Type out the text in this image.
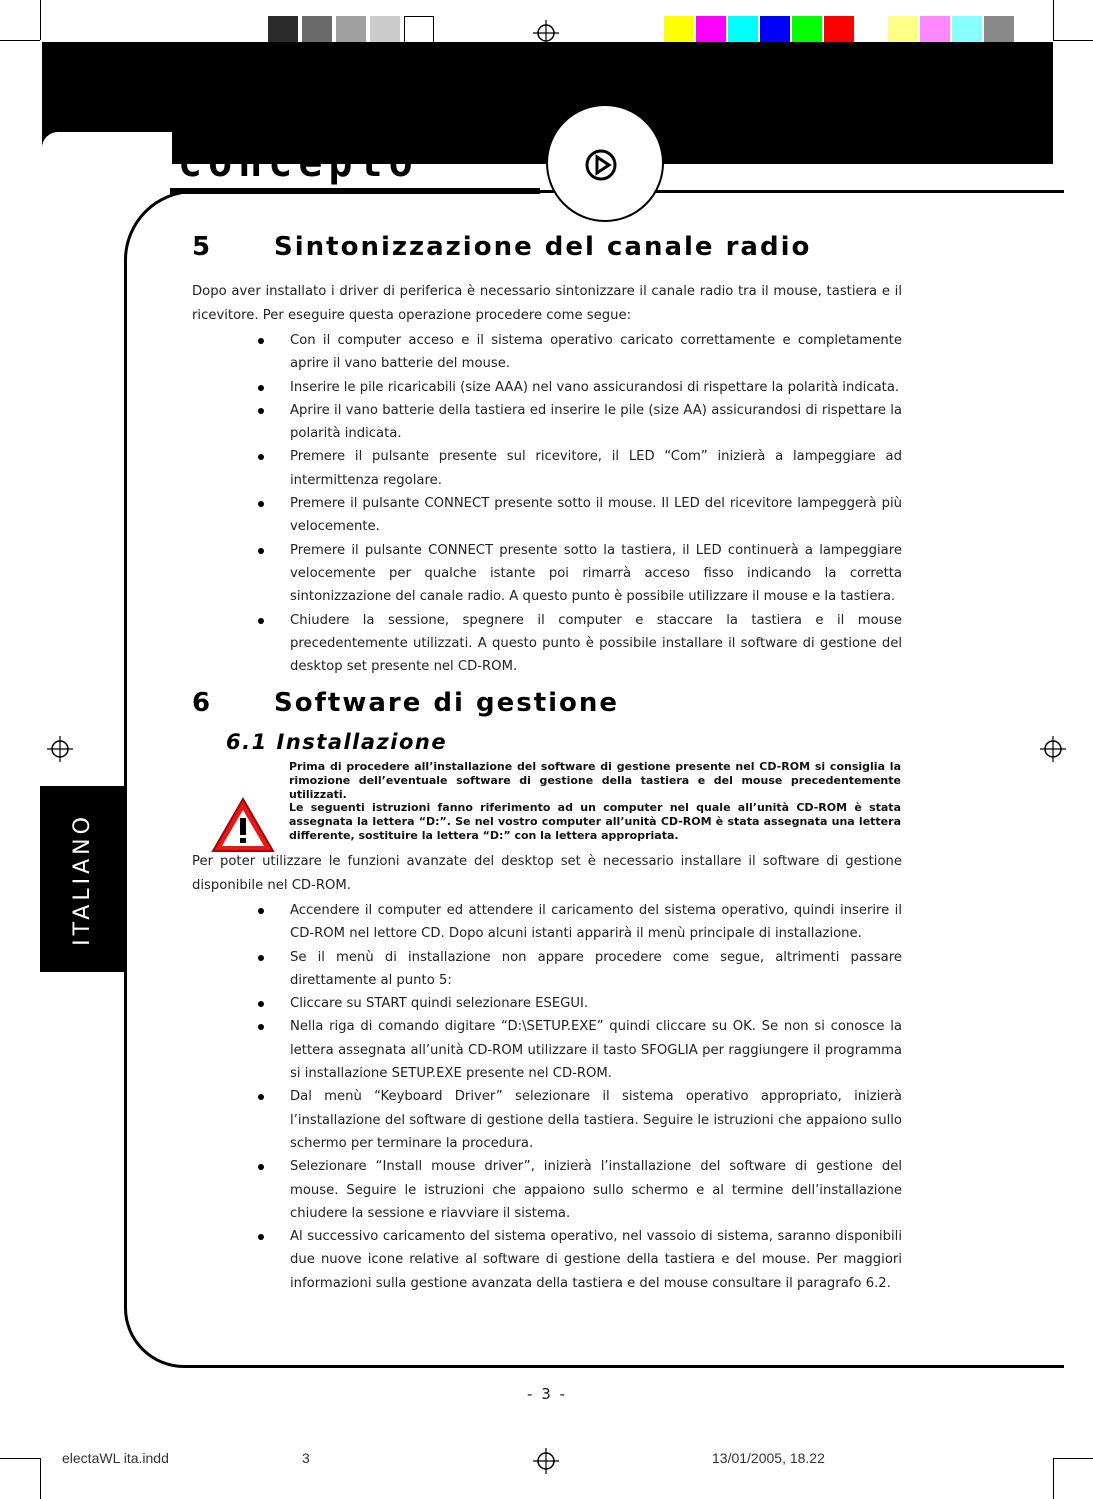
concepto
ITALIANO
5 Sintonizzazione del canale radio

Dopo aver installato i driver di periferica è necessario sintonizzare il canale radio tra il mouse, tastiera e il ricevitore. Per eseguire questa operazione procedere come segue:

Con il computer acceso e il sistema operativo caricato correttamente e completamente aprire il vano batterie del mouse.
Inserire le pile ricaricabili (size AAA) nel vano assicurandosi di rispettare la polarità indicata.
Aprire il vano batterie della tastiera ed inserire le pile (size AA) assicurandosi di rispettare la polarità indicata.
Premere il pulsante presente sul ricevitore, il LED “Com” inizierà a lampeggiare ad intermittenza regolare.
Premere il pulsante CONNECT presente sotto il mouse. Il LED del ricevitore lampeggerà più velocemente.
Premere il pulsante CONNECT presente sotto la tastiera, il LED continuerà a lampeggiare velocemente per qualche istante poi rimarrà acceso fisso indicando la corretta sintonizzazione del canale radio. A questo punto è possibile utilizzare il mouse e la tastiera.
Chiudere la sessione, spegnere il computer e staccare la tastiera e il mouse precedentemente utilizzati. A questo punto è possibile installare il software di gestione del desktop set presente nel CD-ROM.
6 Software di gestione
6.1 Installazione

Prima di procedere all’installazione del software di gestione presente nel CD-ROM si consiglia la rimozione dell’eventuale software di gestione della tastiera e del mouse precedentemente utilizzati.

Le seguenti istruzioni fanno riferimento ad un computer nel quale all’unità CD-ROM è stata assegnata la lettera “D:”. Se nel vostro computer all’unità CD-ROM è stata assegnata una lettera differente, sostituire la lettera “D:” con la lettera appropriata.

Per poter utilizzare le funzioni avanzate del desktop set è necessario installare il software di gestione disponibile nel CD-ROM.

Accendere il computer ed attendere il caricamento del sistema operativo, quindi inserire il CD-ROM nel lettore CD. Dopo alcuni istanti apparirà il menù principale di installazione.
Se il menù di installazione non appare procedere come segue, altrimenti passare direttamente al punto 5:
Cliccare su START quindi selezionare ESEGUI.
Nella riga di comando digitare “D:\SETUP.EXE” quindi cliccare su OK. Se non si conosce la lettera assegnata all’unità CD-ROM utilizzare il tasto SFOGLIA per raggiungere il programma si installazione SETUP.EXE presente nel CD-ROM.
Dal menù “Keyboard Driver” selezionare il sistema operativo appropriato, inizierà l’installazione del software di gestione della tastiera. Seguire le istruzioni che appaiono sullo schermo per terminare la procedura.
Selezionare “Install mouse driver”, inizierà l’installazione del software di gestione del mouse. Seguire le istruzioni che appaiono sullo schermo e al termine dell’installazione chiudere la sessione e riavviare il sistema.
Al successivo caricamento del sistema operativo, nel vassoio di sistema, saranno disponibili due nuove icone relative al software di gestione della tastiera e del mouse. Per maggiori informazioni sulla gestione avanzata della tastiera e del mouse consultare il paragrafo 6.2.
- 3 -
electaWL ita.indd	3	13/01/2005, 18.22
